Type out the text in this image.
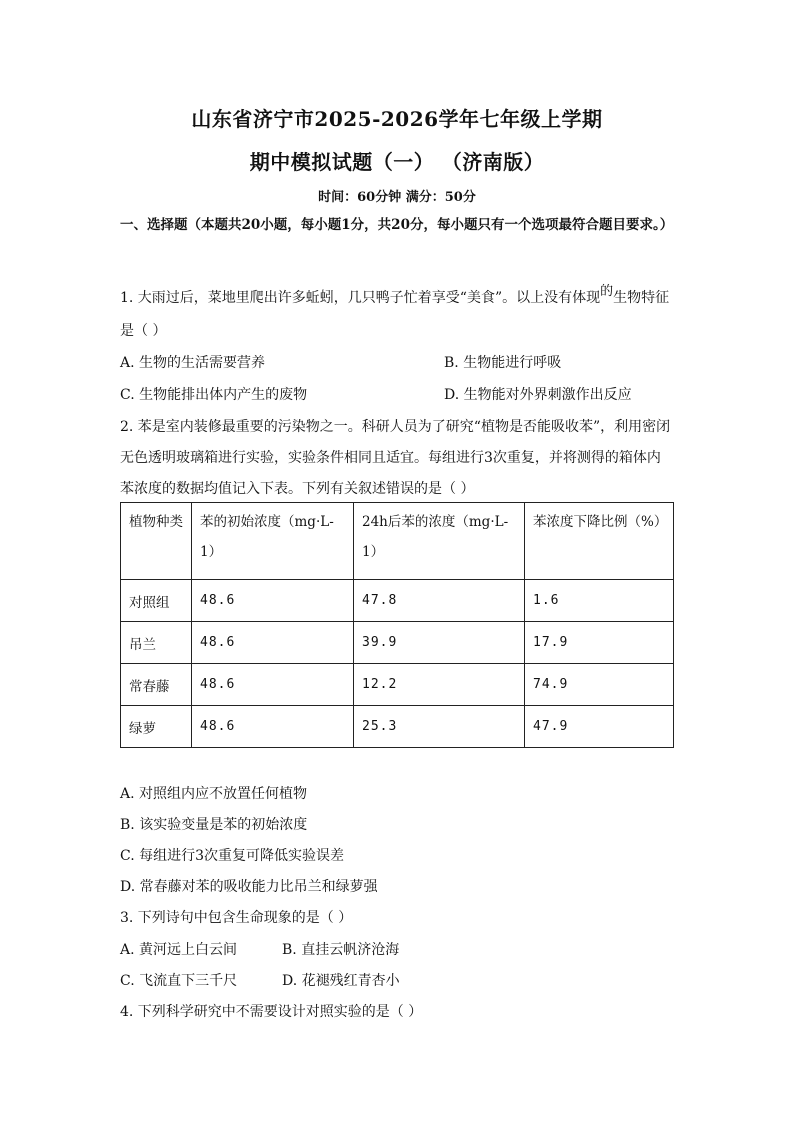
山东省济宁市2025-2026学年七年级上学期
期中模拟试题（一） （济南版）
时间：60分钟 满分：50分
一、选择题（本题共20小题，每小题1分，共20分，每小题只有一个选项最符合题目要求。）
1. 大雨过后，菜地里爬出许多蚯蚓，几只鸭子忙着享受“美食”。以上没有体现的生物特征
是（ ）
A. 生物的生活需要营养	B. 生物能进行呼吸
C. 生物能排出体内产生的废物	D. 生物能对外界刺激作出反应
2. 苯是室内装修最重要的污染物之一。科研人员为了研究“植物是否能吸收苯”，利用密闭
无色透明玻璃箱进行实验，实验条件相同且适宜。每组进行3次重复，并将测得的箱体内
苯浓度的数据均值记入下表。下列有关叙述错误的是（ ）
植物种类	苯的初始浓度（mg·L-1）	24h后苯的浓度（mg·L-1）	苯浓度下降比例（%）
对照组	48.6	47.8	1.6
吊兰	48.6	39.9	17.9
常春藤	48.6	12.2	74.9
绿萝	48.6	25.3	47.9
A. 对照组内应不放置任何植物
B. 该实验变量是苯的初始浓度
C. 每组进行3次重复可降低实验误差
D. 常春藤对苯的吸收能力比吊兰和绿萝强
3. 下列诗句中包含生命现象的是（ ）
A. 黄河远上白云间	B. 直挂云帆济沧海
C. 飞流直下三千尺	D. 花褪残红青杏小
4. 下列科学研究中不需要设计对照实验的是（ ）
